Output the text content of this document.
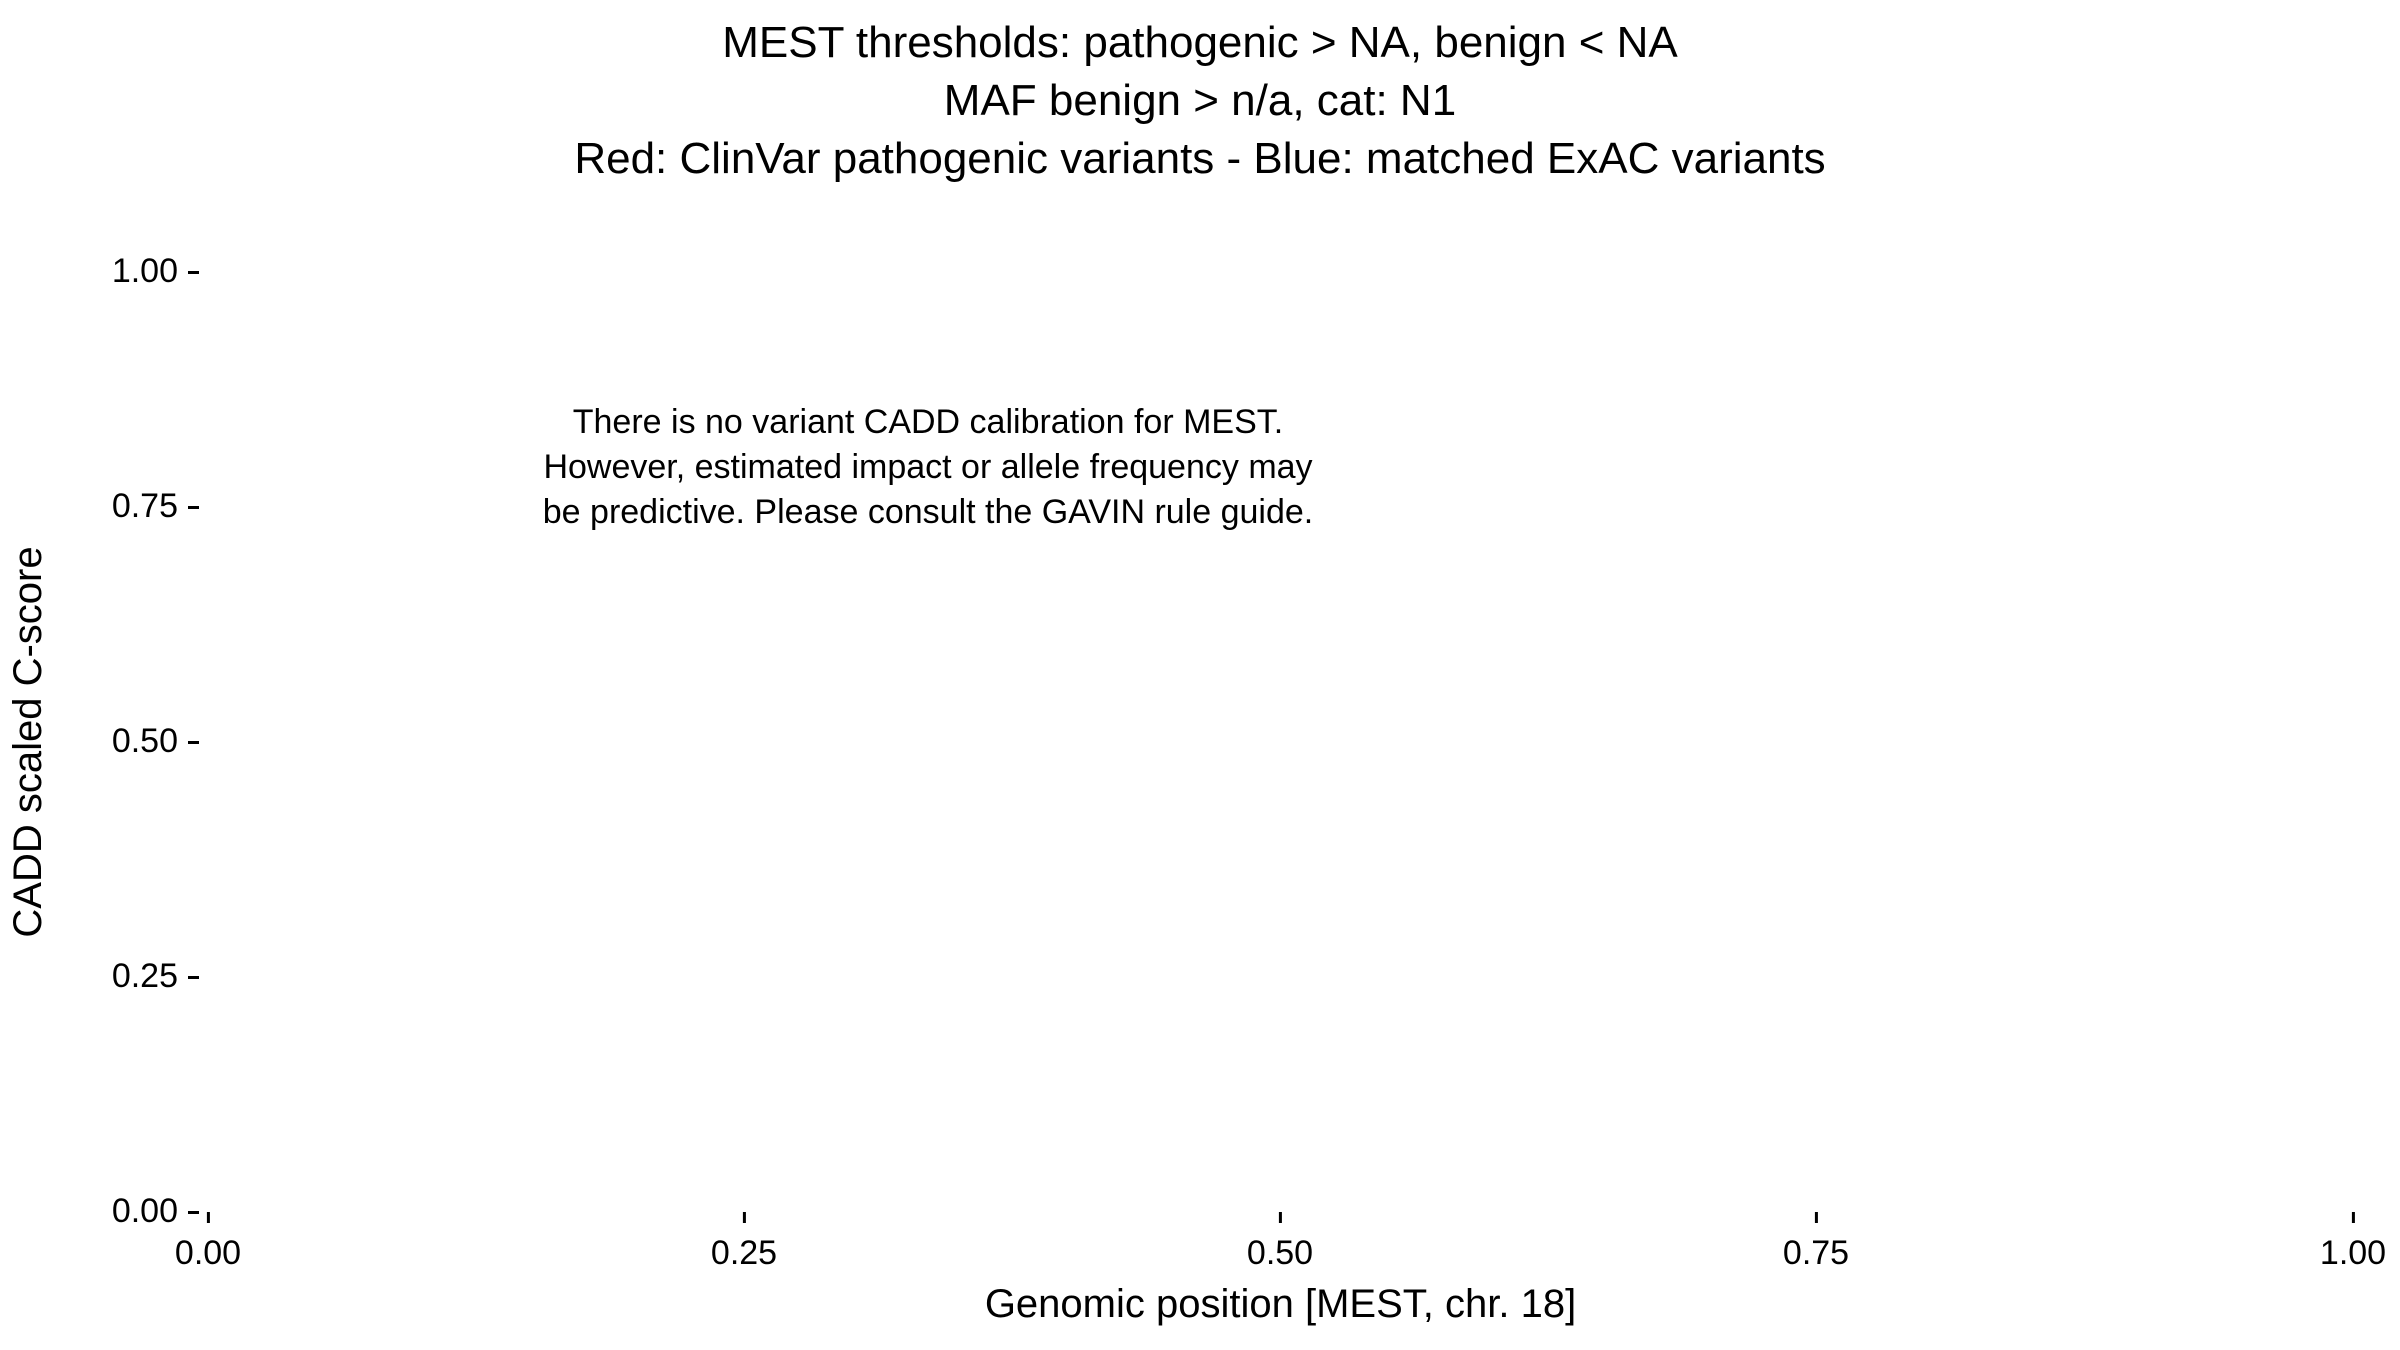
MEST thresholds: pathogenic > NA, benign < NA
MAF benign > n/a, cat: N1
Red: ClinVar pathogenic variants - Blue: matched ExAC variants
CADD scaled C-score
1.00
0.75
0.50
0.25
0.00
There is no variant CADD calibration for MEST.
However, estimated impact or allele frequency may
be predictive. Please consult the GAVIN rule guide.
0.00	0.25	0.50	0.75	1.00
Genomic position [MEST, chr. 18]
